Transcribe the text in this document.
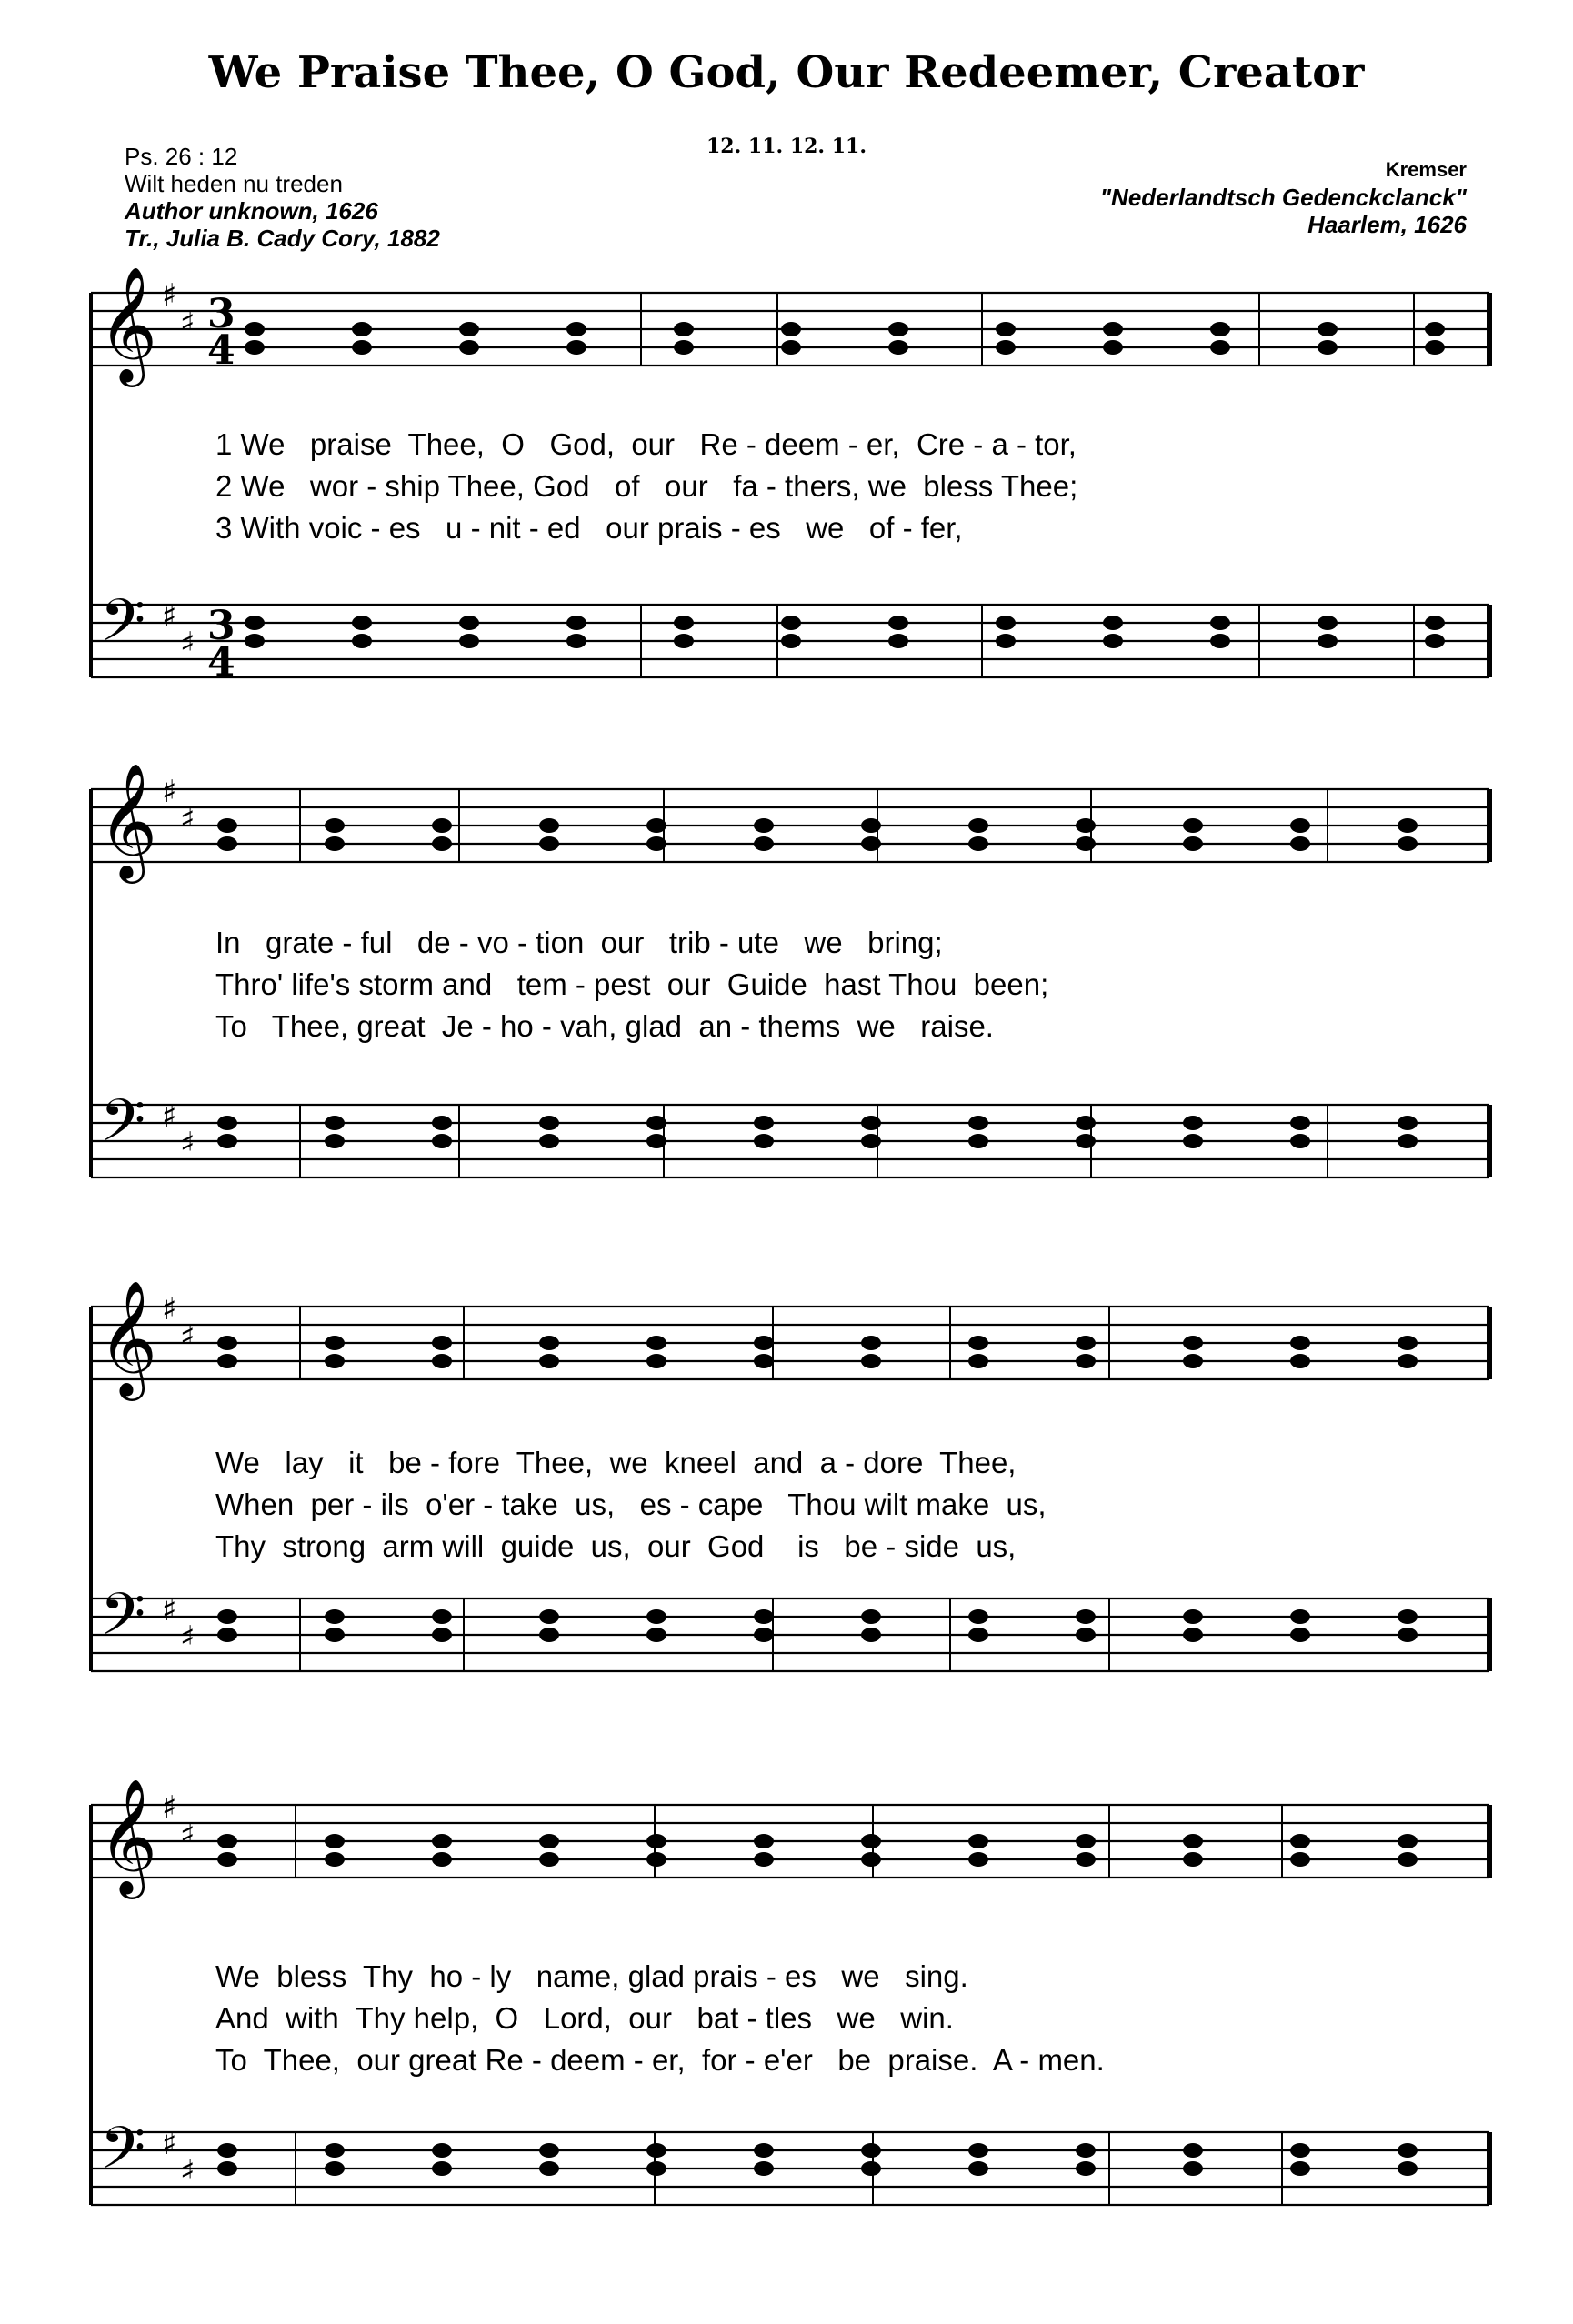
We Praise Thee, O God, Our Redeemer, Creator
12. 11. 12. 11.
Ps. 26 : 12
Wilt heden nu treden
Author unknown, 1626
Tr., Julia B. Cady Cory, 1882
Kremser
"Nederlandtsch Gedenckclanck"
Haarlem, 1626
𝄞
𝄢
♯
♯
♯
♯
3
4
3
4
1 We   praise  Thee,  O   God,  our   Re - deem - er,  Cre - a - tor,
2 We   wor - ship Thee, God   of   our   fa - thers, we  bless Thee;
3 With voic - es   u - nit - ed   our prais - es   we   of - fer,
𝄞
𝄢
♯
♯
♯
♯
In   grate - ful   de - vo - tion  our   trib - ute   we   bring;
Thro' life's storm and   tem - pest  our  Guide  hast Thou  been;
To   Thee, great  Je - ho - vah, glad  an - thems  we   raise.
𝄞
𝄢
♯
♯
♯
♯
We   lay   it   be - fore  Thee,  we  kneel  and  a - dore  Thee,
When  per - ils  o'er - take  us,   es - cape   Thou wilt make  us,
Thy  strong  arm will  guide  us,  our  God    is   be - side  us,
𝄞
𝄢
♯
♯
♯
♯
We  bless  Thy  ho - ly   name, glad prais - es   we   sing.
And  with  Thy help,  O   Lord,  our   bat - tles   we   win.
To  Thee,  our great Re - deem - er,  for - e'er   be  praise.  A - men.
